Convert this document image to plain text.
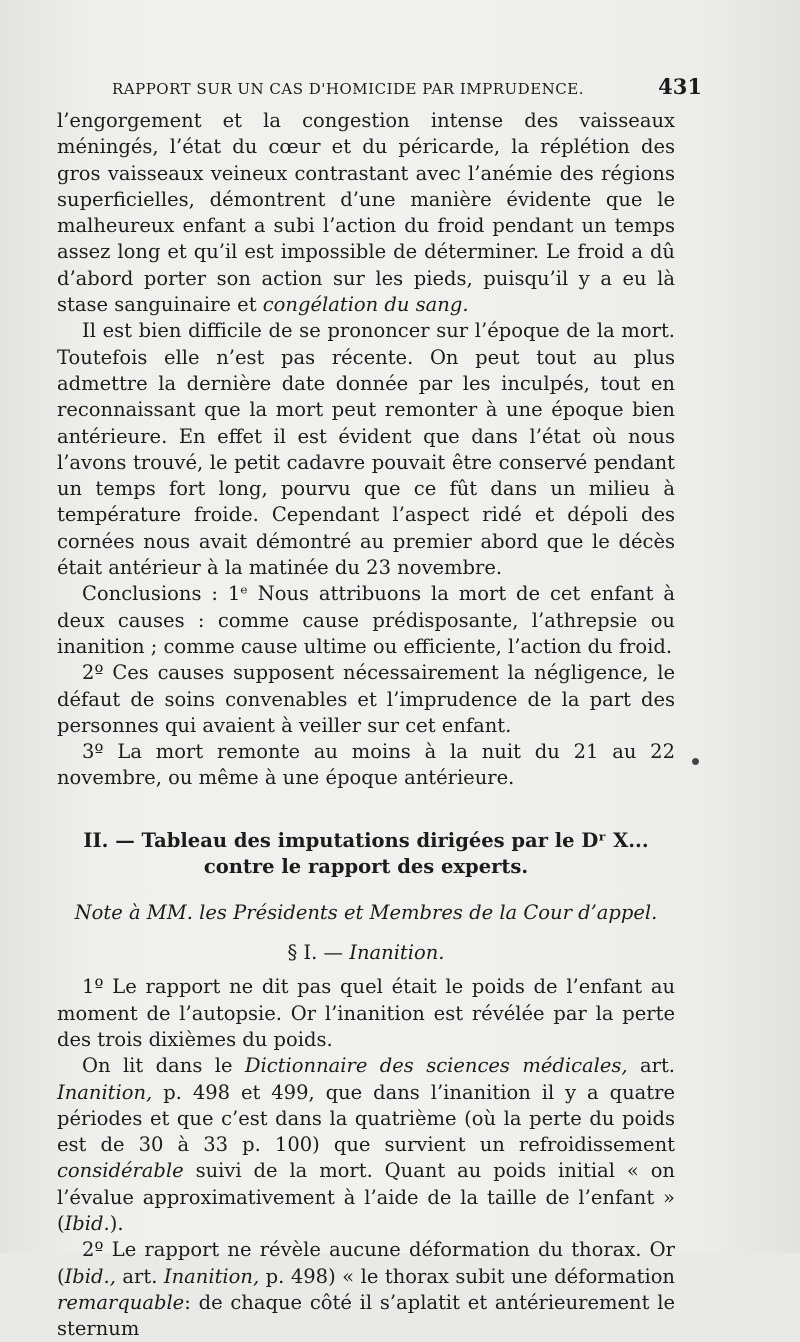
RAPPORT SUR UN CAS D'HOMICIDE PAR IMPRUDENCE.	431

l’engorgement et la congestion intense des vaisseaux méningés, l’état du cœur et du péricarde, la réplétion des gros vaisseaux veineux contrastant avec l’anémie des régions superficielles, démontrent d’une manière évidente que le malheureux enfant a subi l’action du froid pendant un temps assez long et qu’il est impossible de déterminer. Le froid a dû d’abord porter son action sur les pieds, puisqu’il y a eu là stase sanguinaire et congélation du sang.

Il est bien difficile de se prononcer sur l’époque de la mort. Toutefois elle n’est pas récente. On peut tout au plus admettre la dernière date donnée par les inculpés, tout en reconnaissant que la mort peut remonter à une époque bien antérieure. En effet il est évident que dans l’état où nous l’avons trouvé, le petit cadavre pouvait être conservé pendant un temps fort long, pourvu que ce fût dans un milieu à température froide. Cependant l’aspect ridé et dépoli des cornées nous avait démontré au premier abord que le décès était antérieur à la matinée du 23 novembre.

Conclusions : 1ᵉ Nous attribuons la mort de cet enfant à deux causes : comme cause prédisposante, l’athrepsie ou inanition ; comme cause ultime ou efficiente, l’action du froid.

2º Ces causes supposent nécessairement la négligence, le défaut de soins convenables et l’imprudence de la part des personnes qui avaient à veiller sur cet enfant.

3º La mort remonte au moins à la nuit du 21 au 22 novembre, ou même à une époque antérieure.

II. — Tableau des imputations dirigées par le Dʳ X...
contre le rapport des experts.

Note à MM. les Présidents et Membres de la Cour d’appel.

§ I. — Inanition.

1º Le rapport ne dit pas quel était le poids de l’enfant au moment de l’autopsie. Or l’inanition est révélée par la perte des trois dixièmes du poids.

On lit dans le Dictionnaire des sciences médicales, art. Inanition, p. 498 et 499, que dans l’inanition il y a quatre périodes et que c’est dans la quatrième (où la perte du poids est de 30 à 33 p. 100) que survient un refroidissement considérable suivi de la mort. Quant au poids initial « on l’évalue approximativement à l’aide de la taille de l’enfant » (Ibid.).

2º Le rapport ne révèle aucune déformation du thorax. Or (Ibid., art. Inanition, p. 498) « le thorax subit une déformation remarquable: de chaque côté il s’aplatit et antérieurement le sternum
